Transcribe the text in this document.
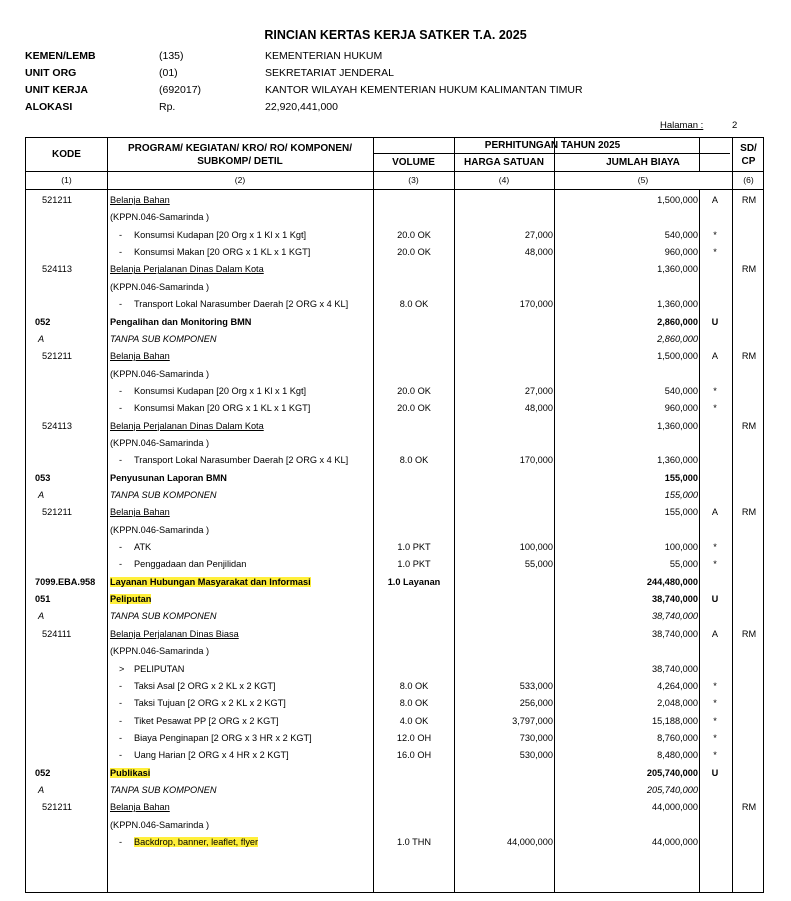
RINCIAN KERTAS KERJA SATKER T.A. 2025
KEMEN/LEMB	(135)	KEMENTERIAN HUKUM
UNIT ORG	(01)	SEKRETARIAT JENDERAL
UNIT KERJA	(692017)	KANTOR WILAYAH KEMENTERIAN HUKUM KALIMANTAN TIMUR
ALOKASI	Rp.	22,920,441,000
Halaman :	2
KODE
PROGRAM/ KEGIATAN/ KRO/ RO/ KOMPONEN/
SUBKOMP/ DETIL
PERHITUNGAN TAHUN 2025
VOLUME	HARGA SATUAN	JUMLAH BIAYA
SD/
CP
(1)	(2)	(3)	(4)	(5)	(6)
521211	Belanja Bahan	1,500,000	A	RM
(KPPN.046-Samarinda )
- Konsumsi Kudapan [20 Org x 1 Kl x 1 Kgt]	20.0 OK	27,000	540,000	*
- Konsumsi Makan [20 ORG x 1 KL x 1 KGT]	20.0 OK	48,000	960,000	*
524113	Belanja Perjalanan Dinas Dalam Kota	1,360,000	RM
(KPPN.046-Samarinda )
- Transport Lokal Narasumber Daerah [2 ORG x 4 KL]	8.0 OK	170,000	1,360,000
052	Pengalihan dan Monitoring BMN	2,860,000	U
A	TANPA SUB KOMPONEN	2,860,000
521211	Belanja Bahan	1,500,000	A	RM
(KPPN.046-Samarinda )
- Konsumsi Kudapan [20 Org x 1 Kl x 1 Kgt]	20.0 OK	27,000	540,000	*
- Konsumsi Makan [20 ORG x 1 KL x 1 KGT]	20.0 OK	48,000	960,000	*
524113	Belanja Perjalanan Dinas Dalam Kota	1,360,000	RM
(KPPN.046-Samarinda )
- Transport Lokal Narasumber Daerah [2 ORG x 4 KL]	8.0 OK	170,000	1,360,000
053	Penyusunan Laporan BMN	155,000
A	TANPA SUB KOMPONEN	155,000
521211	Belanja Bahan	155,000	A	RM
(KPPN.046-Samarinda )
- ATK	1.0 PKT	100,000	100,000	*
- Penggadaan dan Penjilidan	1.0 PKT	55,000	55,000	*
7099.EBA.958 Layanan Hubungan Masyarakat dan Informasi	1.0 Layanan	244,480,000
051	Peliputan	38,740,000	U
A	TANPA SUB KOMPONEN	38,740,000
524111	Belanja Perjalanan Dinas Biasa	38,740,000	A	RM
(KPPN.046-Samarinda )
> PELIPUTAN	38,740,000
- Taksi Asal [2 ORG x 2 KL x 2 KGT]	8.0 OK	533,000	4,264,000	*
- Taksi Tujuan [2 ORG x 2 KL x 2 KGT]	8.0 OK	256,000	2,048,000	*
- Tiket Pesawat PP [2 ORG x 2 KGT]	4.0 OK	3,797,000	15,188,000	*
- Biaya Penginapan [2 ORG x 3 HR x 2 KGT]	12.0 OH	730,000	8,760,000	*
- Uang Harian [2 ORG x 4 HR x 2 KGT]	16.0 OH	530,000	8,480,000	*
052	Publikasi	205,740,000	U
A	TANPA SUB KOMPONEN	205,740,000
521211	Belanja Bahan	44,000,000	RM
(KPPN.046-Samarinda )
- Backdrop, banner, leaflet, flyer	1.0 THN	44,000,000	44,000,000
